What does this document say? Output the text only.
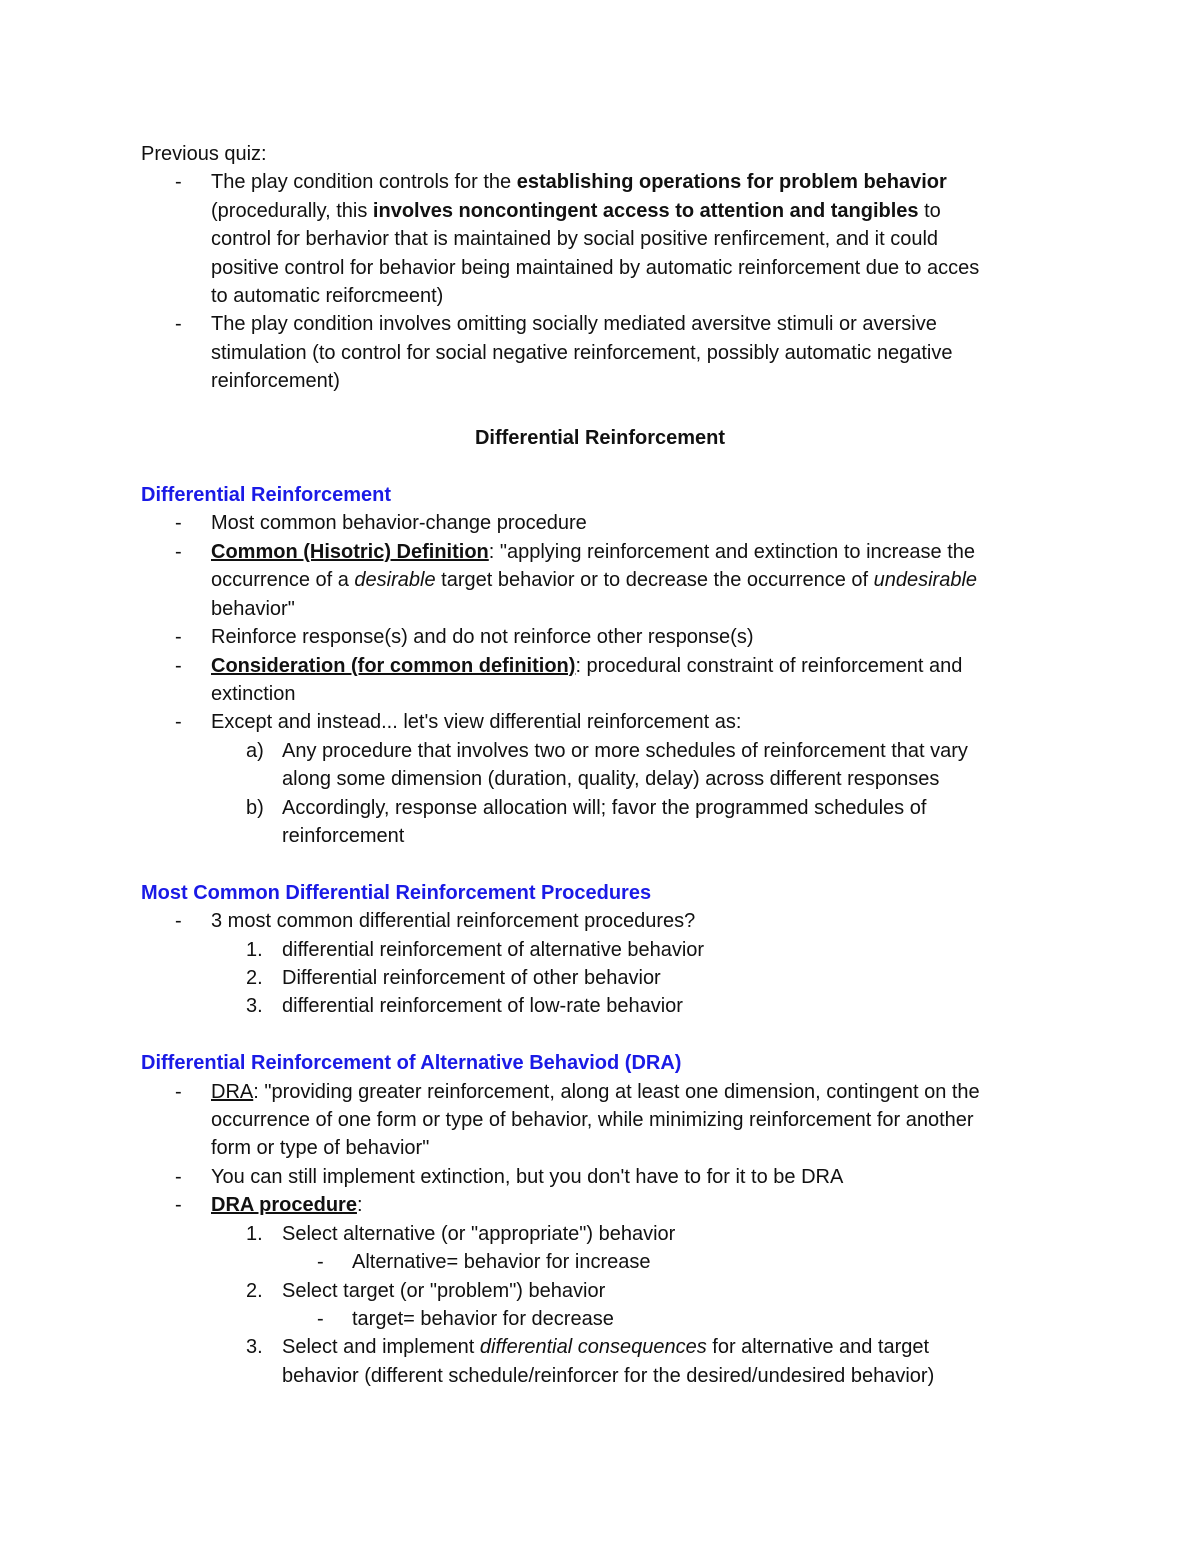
Previous quiz:
- The play condition controls for the establishing operations for problem behavior
(procedurally, this involves noncontingent access to attention and tangibles to
control for berhavior that is maintained by social positive renfircement, and it could
positive control for behavior being maintained by automatic reinforcement due to acces
to automatic reiforcmeent)
- The play condition involves omitting socially mediated aversitve stimuli or aversive
stimulation (to control for social negative reinforcement, possibly automatic negative
reinforcement)
Differential Reinforcement
Differential Reinforcement
- Most common behavior-change procedure
- Common (Hisotric) Definition: "applying reinforcement and extinction to increase the
occurrence of a desirable target behavior or to decrease the occurrence of undesirable
behavior"
- Reinforce response(s) and do not reinforce other response(s)
- Consideration (for common definition): procedural constraint of reinforcement and
extinction
- Except and instead... let's view differential reinforcement as:
a) Any procedure that involves two or more schedules of reinforcement that vary
along some dimension (duration, quality, delay) across different responses
b) Accordingly, response allocation will; favor the programmed schedules of
reinforcement
Most Common Differential Reinforcement Procedures
- 3 most common differential reinforcement procedures?
1. differential reinforcement of alternative behavior
2. Differential reinforcement of other behavior
3. differential reinforcement of low-rate behavior
Differential Reinforcement of Alternative Behaviod (DRA)
- DRA: "providing greater reinforcement, along at least one dimension, contingent on the
occurrence of one form or type of behavior, while minimizing reinforcement for another
form or type of behavior"
- You can still implement extinction, but you don't have to for it to be DRA
- DRA procedure:
1. Select alternative (or "appropriate") behavior
- Alternative= behavior for increase
2. Select target (or "problem") behavior
- target= behavior for decrease
3. Select and implement differential consequences for alternative and target
behavior (different schedule/reinforcer for the desired/undesired behavior)
